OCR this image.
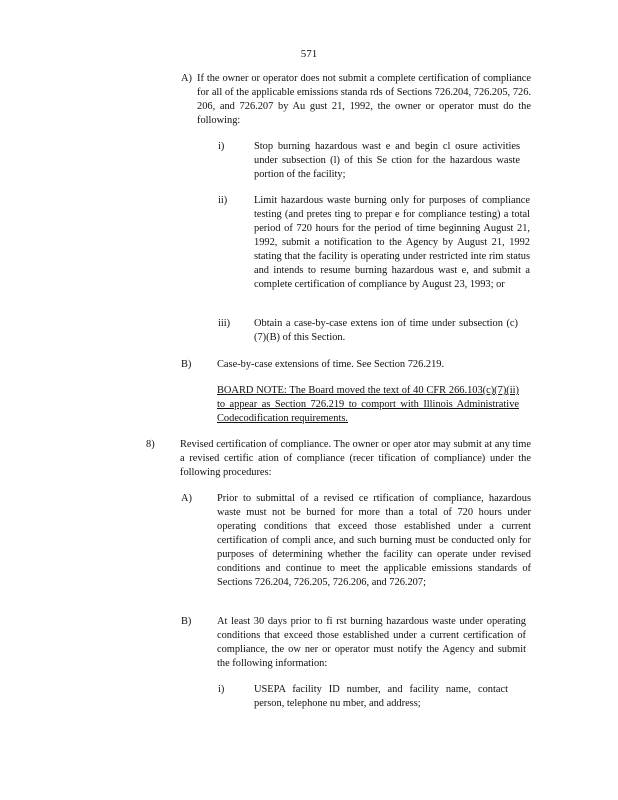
571
A) If the owner or operator does not submit a complete certification of compliance for all of the applicable emissions standa rds of Sections 726.204, 726.205, 726. 206, and 726.207 by Au gust 21, 1992, the owner or operator must do the following:
i)	Stop burning hazardous wast e and begin cl osure activities under subsection (l) of this Se ction for the hazardous waste portion of the facility;
ii)	Limit hazardous waste burning only for purposes of compliance testing (and pretes ting to prepar e for compliance testing) a total period of 720 hours for the period of time beginning August 21, 1992, submit a notification to the Agency by August 21, 1992 stating that the facility is operating under restricted inte rim status and intends to resume burning hazardous wast e, and submit a complete certification of compliance by August 23, 1993; or
iii) Obtain a case-by-case extens ion of time under subsection (c)(7)(B) of this Section.
B) Case-by-case extensions of time. See Section 726.219.
BOARD NOTE: The Board moved the text of 40 CFR 266.103(c)(7)(ii) to appear as Section 726.219 to comport with Illinois Administrative Codecodification requirements.
8) Revised certification of compliance. The owner or oper ator may submit at any time a revised certific ation of compliance (recer tification of compliance) under the following procedures:
A) Prior to submittal of a revised ce rtification of compliance, hazardous waste must not be burned for more than a total of 720 hours under operating conditions that exceed those established under a current certification of compli ance, and such burning must be conducted only for purposes of determining whether the facility can operate under revised conditions and continue to meet the applicable emissions standards of Sections 726.204, 726.205, 726.206, and 726.207;
B) At least 30 days prior to fi rst burning hazardous waste under operating conditions that exceed those established under a current certification of compliance, the ow ner or operator must notify the Agency and submit the following information:
i)	USEPA facility ID number, and facility name, contact person, telephone nu mber, and address;
